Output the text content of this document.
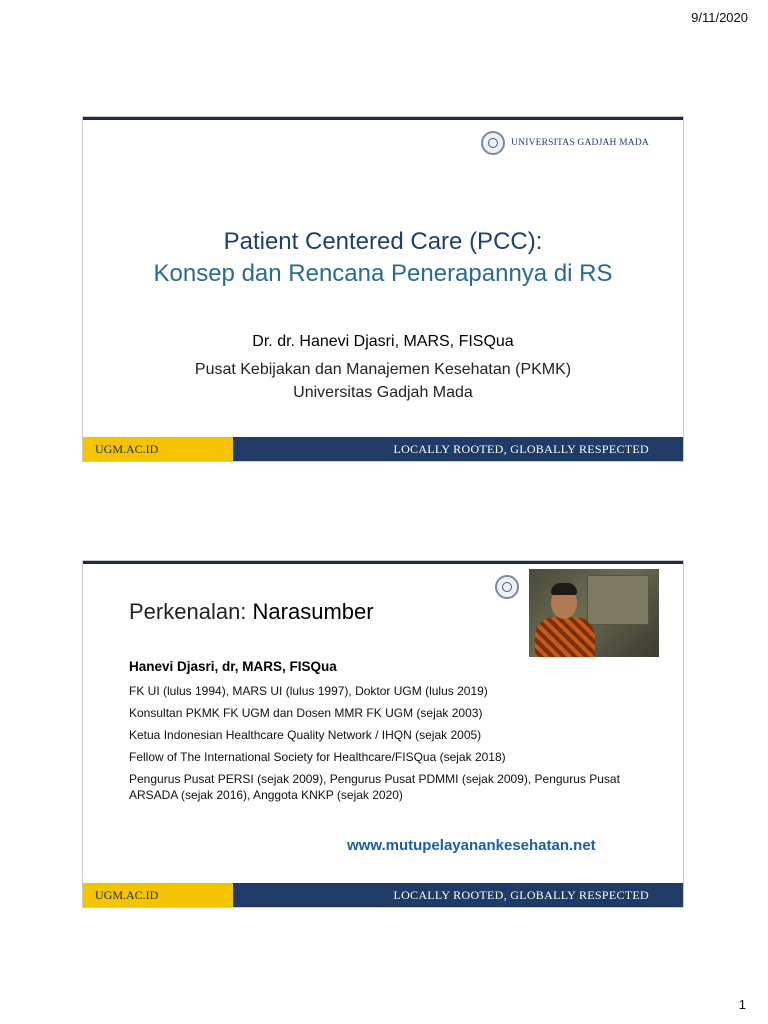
9/11/2020
UNIVERSITAS GADJAH MADA
Patient Centered Care (PCC):
Konsep dan Rencana Penerapannya di RS
Dr. dr. Hanevi Djasri, MARS, FISQua
Pusat Kebijakan dan Manajemen Kesehatan (PKMK)
Universitas Gadjah Mada
UGM.AC.ID	LOCALLY ROOTED, GLOBALLY RESPECTED
Perkenalan: Narasumber
Hanevi Djasri, dr, MARS, FISQua
FK UI (lulus 1994), MARS UI (lulus 1997), Doktor UGM (lulus 2019)
Konsultan PKMK FK UGM dan Dosen MMR FK UGM (sejak 2003)
Ketua Indonesian Healthcare Quality Network / IHQN (sejak 2005)
Fellow of The International Society for Healthcare/FISQua (sejak 2018)
Pengurus Pusat PERSI (sejak 2009), Pengurus Pusat PDMMI (sejak 2009), Pengurus Pusat ARSADA (sejak 2016), Anggota KNKP (sejak 2020)
www.mutupelayanankesehatan.net
UGM.AC.ID	LOCALLY ROOTED, GLOBALLY RESPECTED
1
